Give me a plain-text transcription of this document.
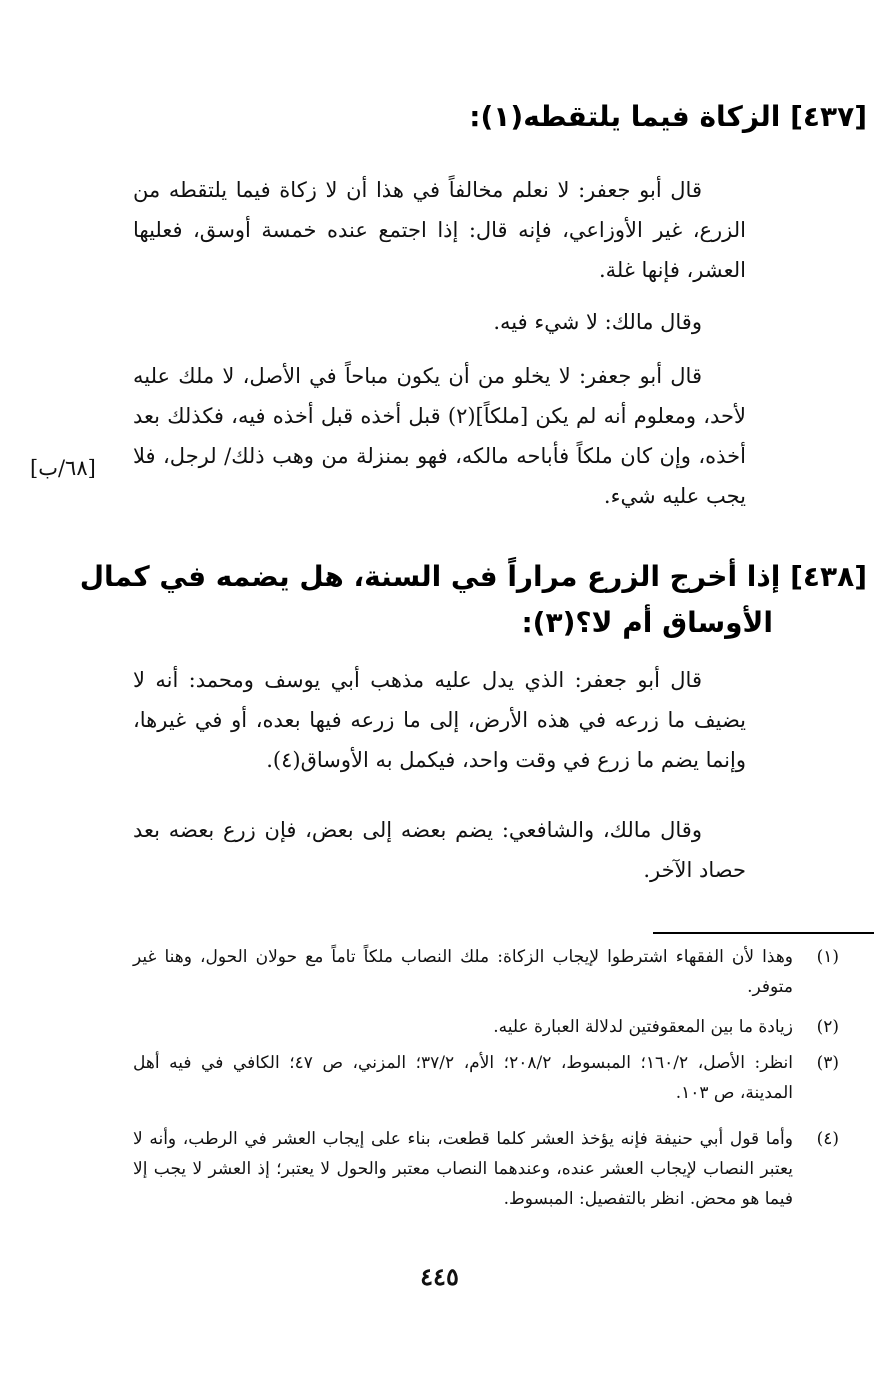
[٤٣٧] الزكاة فيما يلتقطه(١):
قال أبو جعفر: لا نعلم مخالفاً في هذا أن لا زكاة فيما يلتقطه من الزرع، غير الأوزاعي، فإنه قال: إذا اجتمع عنده خمسة أوسق، فعليها العشر، فإنها غلة.
وقال مالك: لا شيء فيه.
قال أبو جعفر: لا يخلو من أن يكون مباحاً في الأصل، لا ملك عليه لأحد، ومعلوم أنه لم يكن [ملكاً](٢) قبل أخذه قبل أخذه فيه، فكذلك بعد أخذه، وإن كان ملكاً فأباحه مالكه، فهو بمنزلة من وهب ذلك/ لرجل، فلا يجب عليه شيء.
[٦٨/ب]
[٤٣٨] إذا أخرج الزرع مراراً في السنة، هل يضمه في كمال
الأوساق أم لا؟(٣):
قال أبو جعفر: الذي يدل عليه مذهب أبي يوسف ومحمد: أنه لا يضيف ما زرعه في هذه الأرض، إلى ما زرعه فيها بعده، أو في غيرها، وإنما يضم ما زرع في وقت واحد، فيكمل به الأوساق(٤).
وقال مالك، والشافعي: يضم بعضه إلى بعض، فإن زرع بعضه بعد حصاد الآخر.
(١)
وهذا لأن الفقهاء اشترطوا لإيجاب الزكاة: ملك النصاب ملكاً تاماً مع حولان الحول، وهنا غير متوفر.
(٢)
زيادة ما بين المعقوفتين لدلالة العبارة عليه.
(٣)
انظر: الأصل، ١٦٠/٢؛ المبسوط، ٢٠٨/٢؛ الأم، ٣٧/٢؛ المزني، ص ٤٧؛ الكافي في فيه أهل المدينة، ص ١٠٣.
(٤)
وأما قول أبي حنيفة فإنه يؤخذ العشر كلما قطعت، بناء على إيجاب العشر في الرطب، وأنه لا يعتبر النصاب لإيجاب العشر عنده، وعندهما النصاب معتبر والحول لا يعتبر؛ إذ العشر لا يجب إلا فيما هو محض. انظر بالتفصيل: المبسوط.
٤٤٥
